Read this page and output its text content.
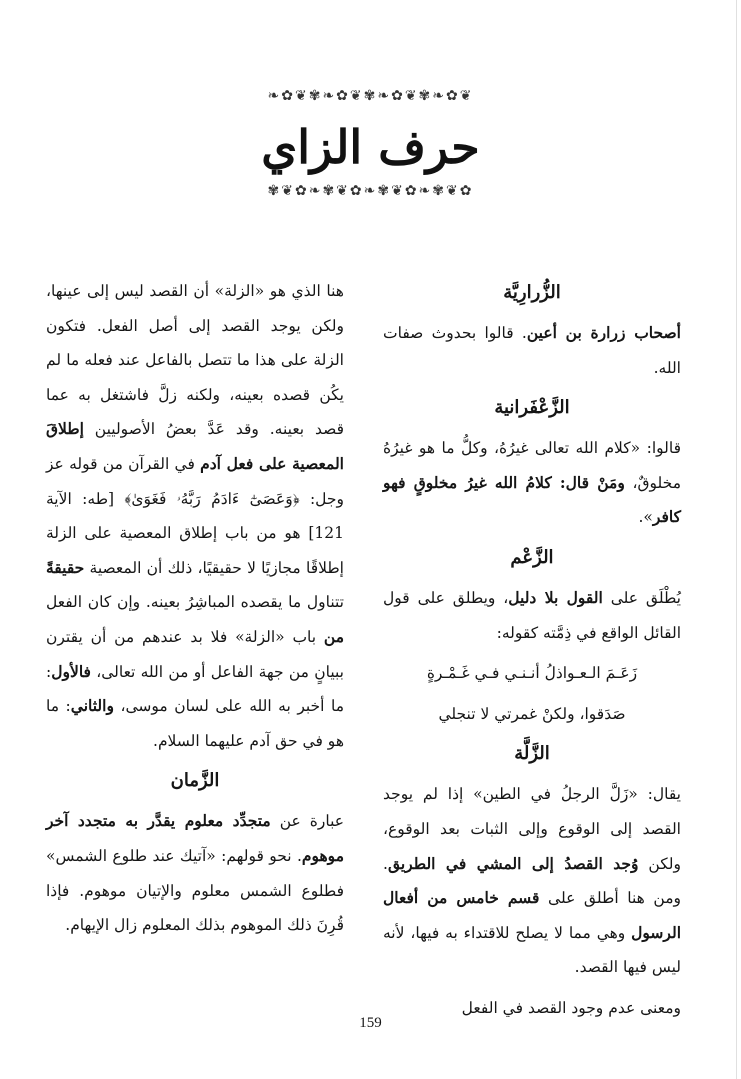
❧✿❦✾❧✿❦✾❧✿❦✾❧✿❦
حرف الزاي
✾❦✿❧✾❦✿❧✾❦✿❧✾❦✿
الزُّرارِيَّة

أصحاب زرارة بن أعين. قالوا بحدوث صفات الله.

الزَّعْفَرانية

قالوا: «كلام الله تعالى غيرُهُ، وكلُّ ما هو غيرُهُ مخلوقٌ، ومَنْ قال: كلامُ الله غيرُ مخلوقٍ فهو كافر».

الزَّعْم

يُطْلَق على القول بلا دليل، ويطلق على قول القائل الواقع في ذِمَّته كقوله:

زَعَـمَ الـعـواذلُ أنـنـي فـي غَـمْـرةٍ

صَدَقوا، ولكنْ غمرتي لا تنجلي

الزَّلَّة

يقال: «زَلَّ الرجلُ في الطين» إذا لم يوجد القصد إلى الوقوع وإلى الثبات بعد الوقوع، ولكن وُجد القصدُ إلى المشي في الطريق. ومن هنا أطلق على قسم خامس من أفعال الرسول وهي مما لا يصلح للاقتداء به فيها، لأنه ليس فيها القصد.

ومعنى عدم وجود القصد في الفعل

هنا الذي هو «الزلة» أن القصد ليس إلى عينها، ولكن يوجد القصد إلى أصل الفعل. فتكون الزلة على هذا ما تتصل بالفاعل عند فعله ما لم يكُن قصده بعينه، ولكنه زلَّ فاشتغل به عما قصد بعينه. وقد عَدَّ بعضُ الأصوليين إطلاقَ المعصية على فعل آدم في القرآن من قوله عز وجل: ﴿وَعَصَىٰٓ ءَادَمُ رَبَّهُۥ فَغَوَىٰ﴾ [طه: الآية 121] هو من باب إطلاق المعصية على الزلة إطلاقًا مجازيًا لا حقيقيًا، ذلك أن المعصية حقيقةً تتناول ما يقصده المباشِرُ بعينه. وإن كان الفعل من باب «الزلة» فلا بد عندهم من أن يقترن ببيانٍ من جهة الفاعل أو من الله تعالى، فالأول: ما أخبر به الله على لسان موسى، والثاني: ما هو في حق آدم عليهما السلام.

الزَّمان

عبارة عن متجدِّد معلوم يقدَّر به متجدد آخر موهوم. نحو قولهم: «آتيك عند طلوع الشمس» فطلوع الشمس معلوم والإتيان موهوم. فإذا قُرِنَ ذلك الموهوم بذلك المعلوم زال الإيهام.

159
